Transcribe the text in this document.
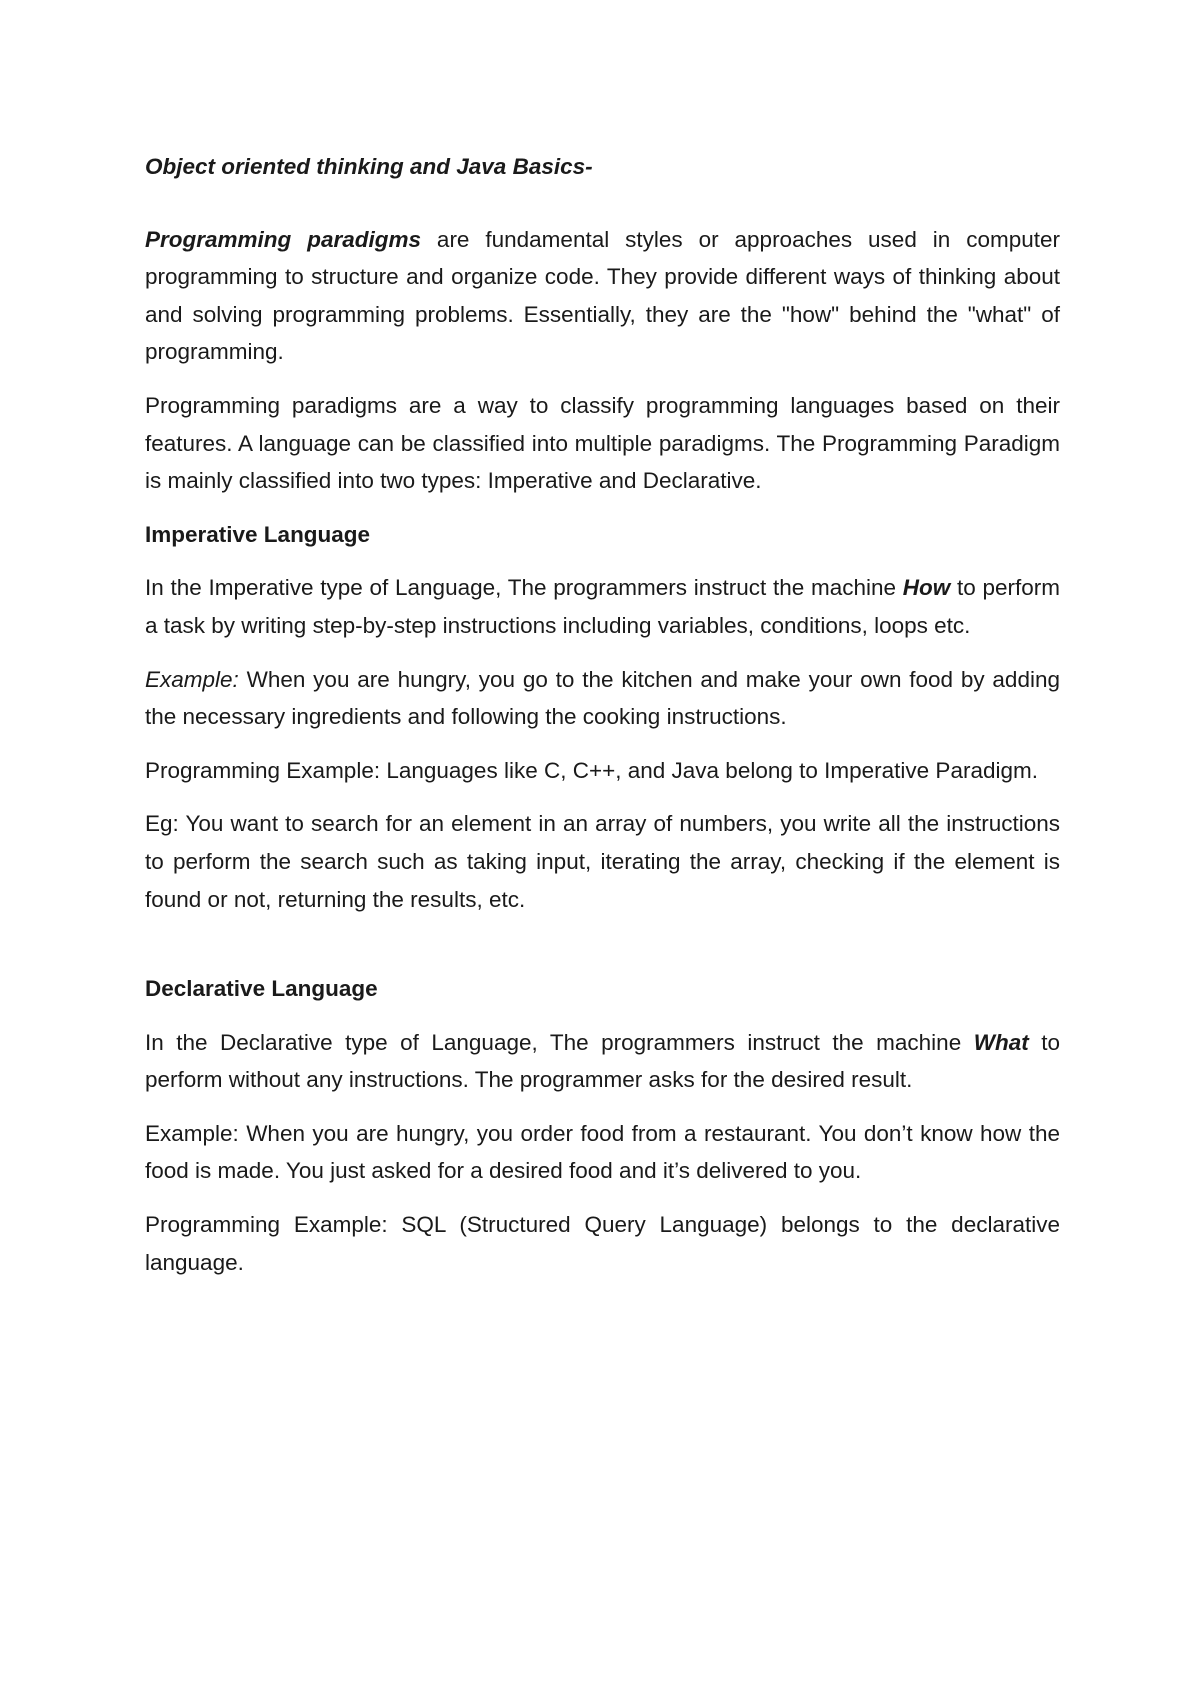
Object oriented thinking and Java Basics-

Programming paradigms are fundamental styles or approaches used in computer programming to structure and organize code. They provide different ways of thinking about and solving programming problems. Essentially, they are the "how" behind the "what" of programming.

Programming paradigms are a way to classify programming languages based on their features. A language can be classified into multiple paradigms. The Programming Paradigm is mainly classified into two types: Imperative and Declarative.

Imperative Language

In the Imperative type of Language, The programmers instruct the machine How to perform a task by writing step-by-step instructions including variables, conditions, loops etc.

Example: When you are hungry, you go to the kitchen and make your own food by adding the necessary ingredients and following the cooking instructions.

Programming Example: Languages like C, C++, and Java belong to Imperative Paradigm.

Eg: You want to search for an element in an array of numbers, you write all the instructions to perform the search such as taking input, iterating the array, checking if the element is found or not, returning the results, etc.

Declarative Language

In the Declarative type of Language, The programmers instruct the machine What to perform without any instructions. The programmer asks for the desired result.

Example: When you are hungry, you order food from a restaurant. You don’t know how the food is made. You just asked for a desired food and it’s delivered to you.

Programming Example: SQL (Structured Query Language) belongs to the declarative language.
